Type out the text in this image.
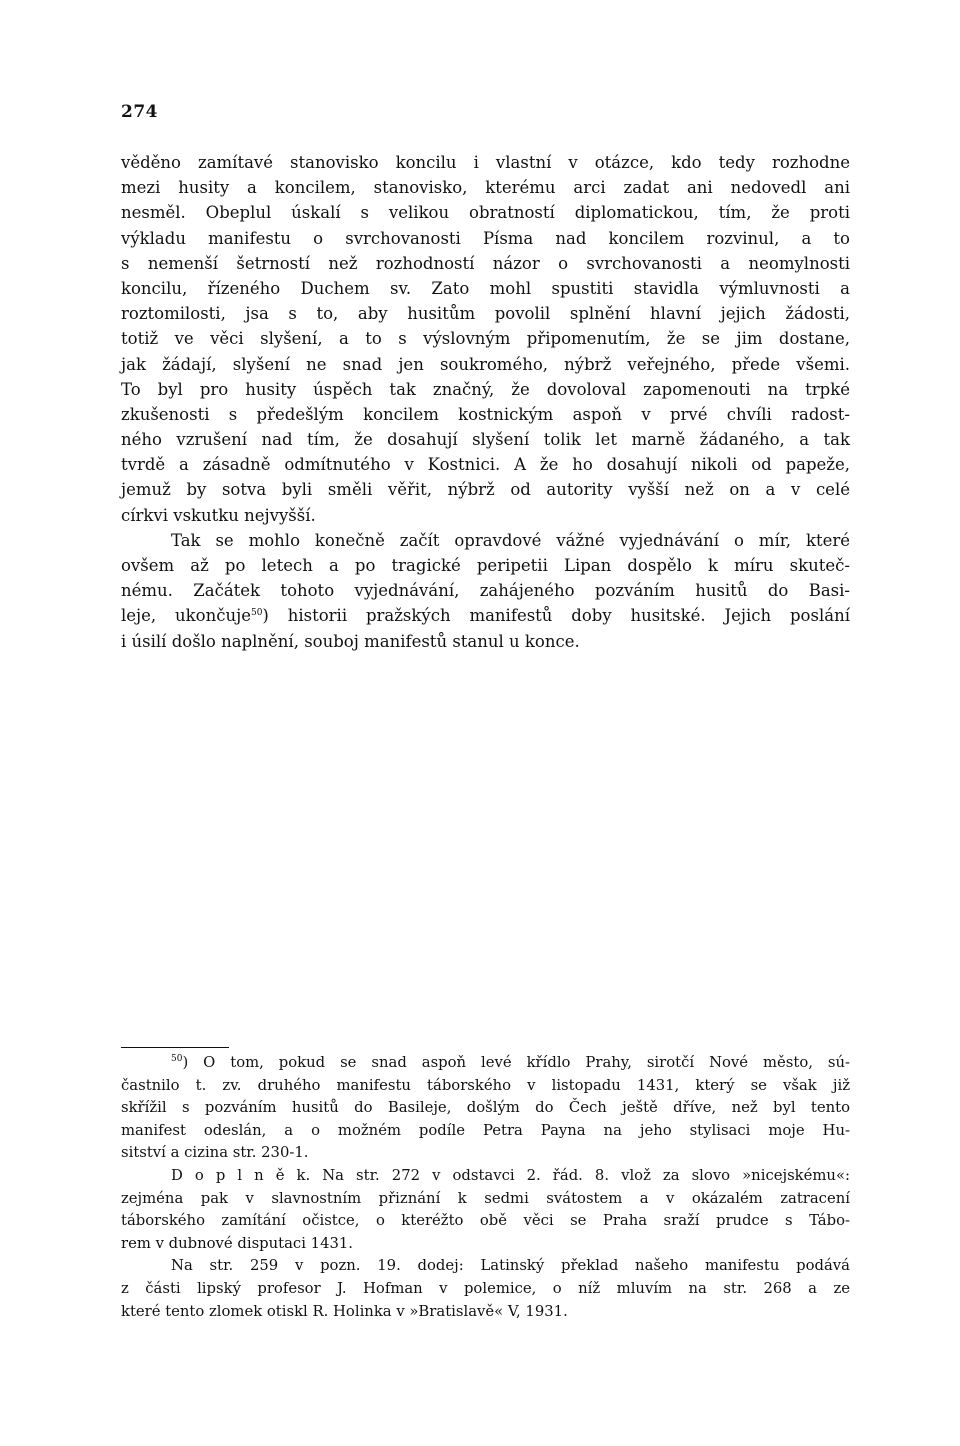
274
věděno zamítavé stanovisko koncilu i vlastní v otázce, kdo tedy rozhodne
mezi husity a koncilem, stanovisko, kterému arci zadat ani nedovedl ani
nesměl. Obeplul úskalí s velikou obratností diplomatickou, tím, že proti
výkladu manifestu o svrchovanosti Písma nad koncilem rozvinul, a to
s nemenší šetrností než rozhodností názor o svrchovanosti a neomylnosti
koncilu, řízeného Duchem sv. Zato mohl spustiti stavidla výmluvnosti a
roztomilosti, jsa s to, aby husitům povolil splnění hlavní jejich žádosti,
totiž ve věci slyšení, a to s výslovným připomenutím, že se jim dostane,
jak žádají, slyšení ne snad jen soukromého, nýbrž veřejného, přede všemi.
To byl pro husity úspěch tak značný, že dovoloval zapomenouti na trpké
zkušenosti s předešlým koncilem kostnickým aspoň v prvé chvíli radost-
ného vzrušení nad tím, že dosahují slyšení tolik let marně žádaného, a tak
tvrdě a zásadně odmítnutého v Kostnici. A že ho dosahují nikoli od papeže,
jemuž by sotva byli směli věřit, nýbrž od autority vyšší než on a v celé
církvi vskutku nejvyšší.
Tak se mohlo konečně začít opravdové vážné vyjednávání o mír, které
ovšem až po letech a po tragické peripetii Lipan dospělo k míru skuteč-
nému. Začátek tohoto vyjednávání, zahájeného pozváním husitů do Basi-
leje, ukončuje$^{50}$) historii pražských manifestů doby husitské. Jejich poslání
i úsilí došlo naplnění, souboj manifestů stanul u konce.
$^{50}$) O tom, pokud se snad aspoň levé křídlo Prahy, sirotčí Nové město, sú-
častnilo t. zv. druhého manifestu táborského v listopadu 1431, který se však již
skřížil s pozváním husitů do Basileje, došlým do Čech ještě dříve, než byl tento
manifest odeslán, a o možném podíle Petra Payna na jeho stylisaci moje Hu-
sitství a cizina str. 230-1.
D o p l n ě k. Na str. 272 v odstavci 2. řád. 8. vlož za slovo »nicejskému«:
zejména pak v slavnostním přiznání k sedmi svátostem a v okázalém zatracení
táborského zamítání očistce, o kteréžto obě věci se Praha sraží prudce s Tábo-
rem v dubnové disputaci 1431.
Na str. 259 v pozn. 19. dodej: Latinský překlad našeho manifestu podává
z části lipský profesor J. Hofman v polemice, o níž mluvím na str. 268 a ze
které tento zlomek otiskl R. Holinka v »Bratislavě« V, 1931.
